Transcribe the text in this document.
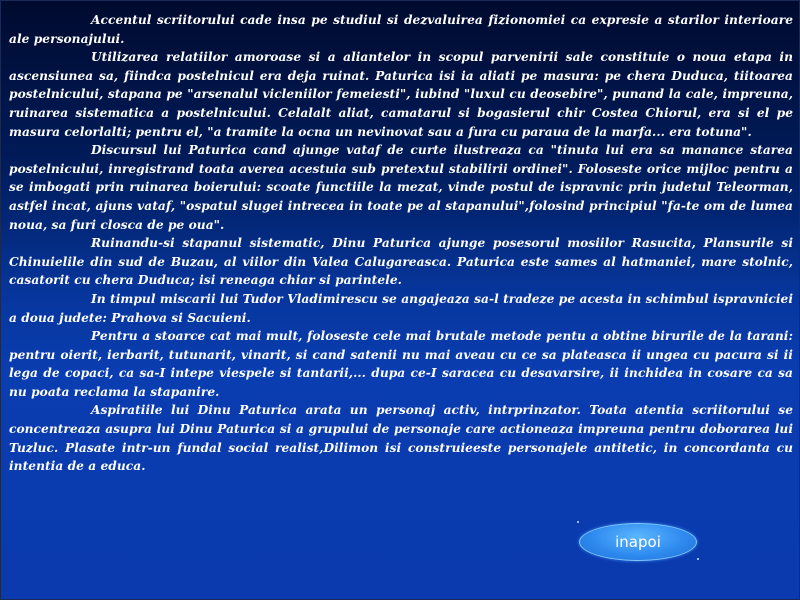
Accentul scriitorului cade insa pe studiul si dezvaluirea fizionomiei ca expresie a starilor interioare ale personajului.

Utilizarea relatiilor amoroase si a aliantelor in scopul parvenirii sale constituie o noua etapa in ascensiunea sa, fiindca postelnicul era deja ruinat. Paturica isi ia aliati pe masura: pe chera Duduca, tiitoarea postelnicului, stapana pe "arsenalul vicleniilor femeiesti", iubind "luxul cu deosebire", punand la cale, impreuna, ruinarea sistematica a postelnicului. Celalalt aliat, camatarul si bogasierul chir Costea Chiorul, era si el pe masura celorlalti; pentru el, "a tramite la ocna un nevinovat sau a fura cu paraua de la marfa... era totuna".

Discursul lui Paturica cand ajunge vataf de curte ilustreaza ca "tinuta lui era sa manance starea postelnicului, inregistrand toata averea acestuia sub pretextul stabilirii ordinei". Foloseste orice mijloc pentru a se imbogati prin ruinarea boierului: scoate functiile la mezat, vinde postul de ispravnic prin judetul Teleorman, astfel incat, ajuns vataf, "ospatul slugei intrecea in toate pe al stapanului",folosind principiul "fa-te om de lumea noua, sa furi closca de pe oua".

Ruinandu-si stapanul sistematic, Dinu Paturica ajunge posesorul mosiilor Rasucita, Plansurile si Chinuielile din sud de Buzau, al viilor din Valea Calugareasca. Paturica este sames al hatmaniei, mare stolnic, casatorit cu chera Duduca; isi reneaga chiar si parintele.

In timpul miscarii lui Tudor Vladimirescu se angajeaza sa-l tradeze pe acesta in schimbul ispravniciei a doua judete: Prahova si Sacuieni.

Pentru a stoarce cat mai mult, foloseste cele mai brutale metode pentu a obtine birurile de la tarani: pentru oierit, ierbarit, tutunarit, vinarit, si cand satenii nu mai aveau cu ce sa plateasca ii ungea cu pacura si ii lega de copaci, ca sa-I intepe viespele si tantarii,... dupa ce-I saracea cu desavarsire, ii inchidea in cosare ca sa nu poata reclama la stapanire.

Aspiratiile lui Dinu Paturica arata un personaj activ, intrprinzator. Toata atentia scriitorului se concentreaza asupra lui Dinu Paturica si a grupului de personaje care actioneaza impreuna pentru doborarea lui Tuzluc. Plasate intr-un fundal social realist,Dilimon isi construieeste personajele antitetic, in concordanta cu intentia de a educa.

inapoi
